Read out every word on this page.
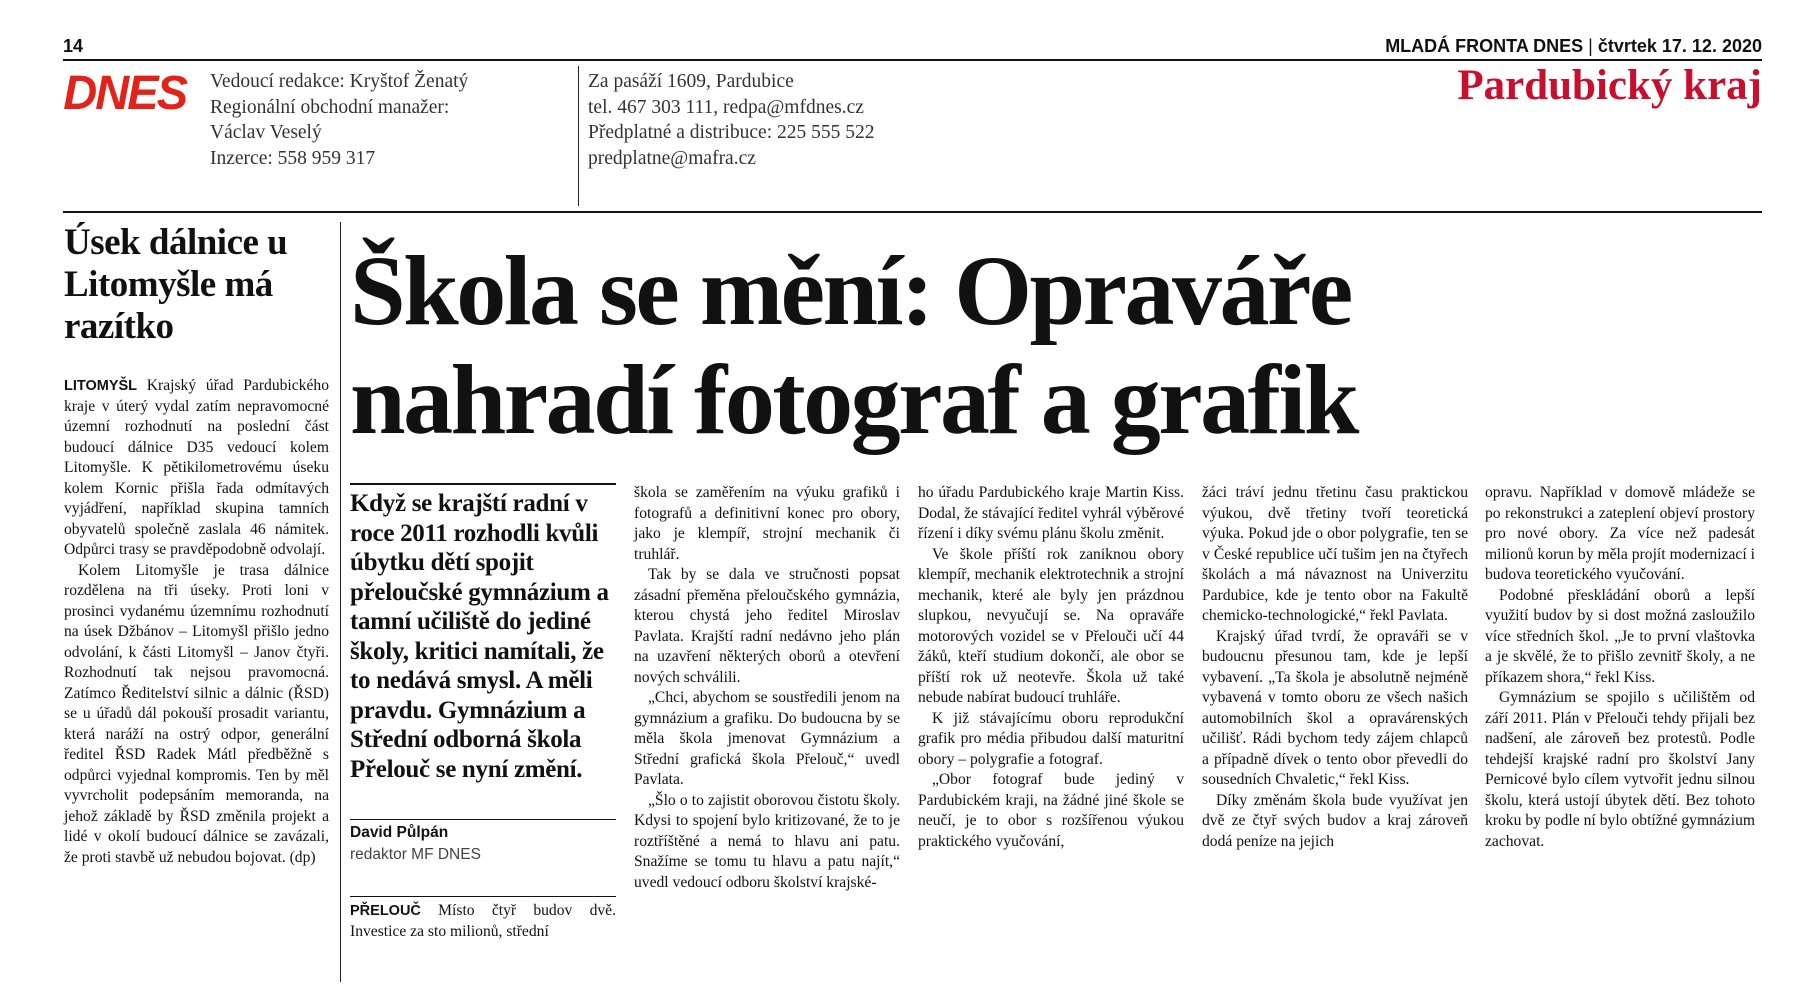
14	MLADÁ FRONTA DNES | čtvrtek 17. 12. 2020
DNES Vedoucí redakce: Kryštof Ženatý
Regionální obchodní manažer:
Václav Veselý
Inzerce: 558 959 317
Za pasáží 1609, Pardubice
tel. 467 303 111, redpa@mfdnes.cz
Předplatné a distribuce: 225 555 522
predplatne@mafra.cz
Pardubický kraj
Úsek dálnice u Litomyšle má razítko

LITOMYŠL Krajský úřad Pardubického kraje v úterý vydal zatím nepravomocné územní rozhodnutí na poslední část budoucí dálnice D35 vedoucí kolem Litomyšle. K pětikilometrovému úseku kolem Kornic přišla řada odmítavých vyjádření, například skupina tamních obyvatelů společně zaslala 46 námitek. Odpůrci trasy se pravděpodobně odvolají.

Kolem Litomyšle je trasa dálnice rozdělena na tři úseky. Proti loni v prosinci vydanému územnímu rozhodnutí na úsek Džbánov – Litomyšl přišlo jedno odvolání, k části Litomyšl – Janov čtyři. Rozhodnutí tak nejsou pravomocná. Zatímco Ředitelství silnic a dálnic (ŘSD) se u úřadů dál pokouší prosadit variantu, která naráží na ostrý odpor, generální ředitel ŘSD Radek Mátl předběžně s odpůrci vyjednal kompromis. Ten by měl vyvrcholit podepsáním memoranda, na jehož základě by ŘSD změnila projekt a lidé v okolí budoucí dálnice se zavázali, že proti stavbě už nebudou bojovat. (dp)

Škola se mění: Opraváře
nahradí fotograf a grafik
Když se krajští radní v roce 2011 rozhodli kvůli úbytku dětí spojit přeloučské gymnázium a tamní učiliště do jediné školy, kritici namítali, že to nedává smysl. A měli pravdu. Gymnázium a Střední odborná škola Přelouč se nyní změní.
David Půlpán
redaktor MF DNES

PŘELOUČ Místo čtyř budov dvě. Investice za sto milionů, střední

škola se zaměřením na výuku grafiků i fotografů a definitivní konec pro obory, jako je klempíř, strojní mechanik či truhlář.

Tak by se dala ve stručnosti popsat zásadní přeměna přeloučského gymnázia, kterou chystá jeho ředitel Miroslav Pavlata. Krajští radní nedávno jeho plán na uzavření některých oborů a otevření nových schválili.

„Chci, abychom se soustředili jenom na gymnázium a grafiku. Do budoucna by se měla škola jmenovat Gymnázium a Střední grafická škola Přelouč,“ uvedl Pavlata.

„Šlo o to zajistit oborovou čistotu školy. Kdysi to spojení bylo kritizované, že to je roztříštěné a nemá to hlavu ani patu. Snažíme se tomu tu hlavu a patu najít,“ uvedl vedoucí odboru školství krajské-

ho úřadu Pardubického kraje Martin Kiss. Dodal, že stávající ředitel vyhrál výběrové řízení i díky svému plánu školu změnit.

Ve škole příští rok zaniknou obory klempíř, mechanik elektrotechnik a strojní mechanik, které ale byly jen prázdnou slupkou, nevyučují se. Na opraváře motorových vozidel se v Přelouči učí 44 žáků, kteří studium dokončí, ale obor se příští rok už neotevře. Škola už také nebude nabírat budoucí truhláře.

K již stávajícímu oboru reprodukční grafik pro média přibudou další maturitní obory – polygrafie a fotograf.

„Obor fotograf bude jediný v Pardubickém kraji, na žádné jiné škole se neučí, je to obor s rozšířenou výukou praktického vyučování,

žáci tráví jednu třetinu času praktickou výukou, dvě třetiny tvoří teoretická výuka. Pokud jde o obor polygrafie, ten se v České republice učí tušim jen na čtyřech školách a má návaznost na Univerzitu Pardubice, kde je tento obor na Fakultě chemicko-technologické,“ řekl Pavlata.

Krajský úřad tvrdí, že opraváři se v budoucnu přesunou tam, kde je lepší vybavení. „Ta škola je absolutně nejméně vybavená v tomto oboru ze všech našich automobilních škol a opravárenských učilišť. Rádi bychom tedy zájem chlapců a případně dívek o tento obor převedli do sousedních Chvaletic,“ řekl Kiss.

Díky změnám škola bude využívat jen dvě ze čtyř svých budov a kraj zároveň dodá peníze na jejich

opravu. Například v domově mládeže se po rekonstrukci a zateplení objeví prostory pro nové obory. Za více než padesát milionů korun by měla projít modernizací i budova teoretického vyučování.

Podobné přeskládání oborů a lepší využití budov by si dost možná zasloužilo více středních škol. „Je to první vlaštovka a je skvělé, že to přišlo zevnitř školy, a ne příkazem shora,“ řekl Kiss.

Gymnázium se spojilo s učilištěm od září 2011. Plán v Přelouči tehdy přijali bez nadšení, ale zároveň bez protestů. Podle tehdejší krajské radní pro školství Jany Pernicové bylo cílem vytvořit jednu silnou školu, která ustojí úbytek dětí. Bez tohoto kroku by podle ní bylo obtížné gymnázium zachovat.
